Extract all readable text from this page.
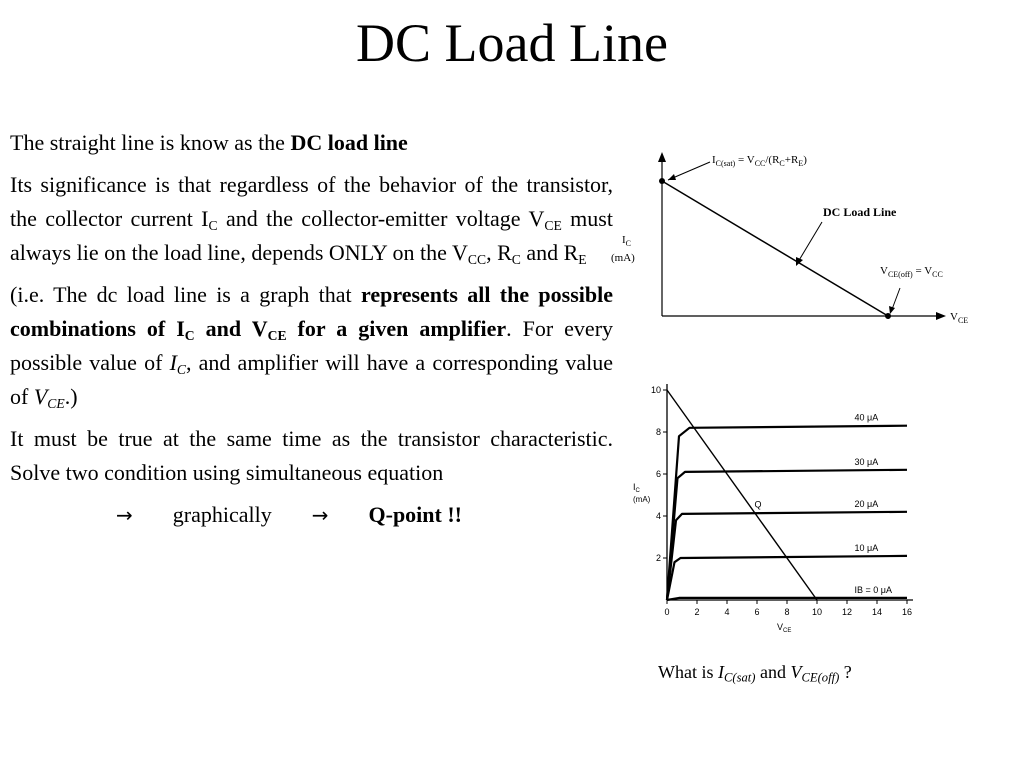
DC Load Line

The straight line is know as the DC load line

Its significance is that regardless of the behavior of the transistor, the collector current $I_C$ and the collector-emitter voltage $V_{CE}$ must always lie on the load line, depends ONLY on the $V_{CC}$, $R_C$ and $R_E$

(i.e. The dc load line is a graph that represents all the possible combinations of $I_C$ and $V_{CE}$ for a given amplifier. For every possible value of $I_C$, and amplifier will have a corresponding value of $V_{CE}$.)

It must be true at the same time as the transistor characteristic. Solve two condition using simultaneous equation

→ graphically → Q-point !!

$I_{C(sat)} = V_{CC}/(R_C+R_E)$
DC Load Line
$V_{CE(off)} = V_{CC}$
$I_C$
(mA)
$V_{CE}$
0	2	4	6	8 10 12 14 16
2
4
6
8
10
$I_C$
(mA)
$V_{CE}$
40 μA
30 μA
20 μA
10 μA
IB = 0 μA
Q
What is $I_{C(sat)}$ and $V_{CE(off)}$ ?
